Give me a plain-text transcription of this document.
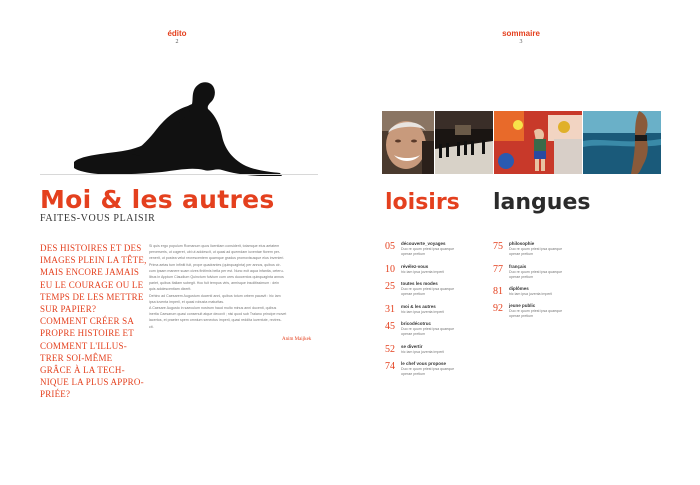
édito
2
Moi & les autres
FAITES-VOUS PLAISIR
DES HISTOIRES ET DES
IMAGES PLEIN LA TÊTE,
MAIS ENCORE JAMAIS
EU LE COURAGE OU LE
TEMPS DE LES METTRE
SUR PAPIER?
COMMENT CRÉER SA
PROPRE HISTOIRE ET
COMMENT L'ILLUS-
TRER SOI-MÊME
GRÂCE À LA TECH-
NIQUE LA PLUS APPRO-
PRIÉE?
Si quis ergo populum Romanum quos licentiam considerit, totamque eius aetatem
perverseris, ut cogeret, ubi ut adolescit, ut quasi ad quemdam iuventae florem per-
venerit, ut postea velut recrescentem quamque gradus promovisusque eius invenieri.
Prima aetas tum infiniti fuit, prope quadrantes (quinquaginta) per annos, quibus cir-
cum ipsam manere suam cives finitimis bella per est. Nunc ecit aqua infantia, ceteru-
libus in Appium Claudium Quinctum fulvium cum ures duocentos quinquaginta annos
pariet, quibus Italiam subegit. Hoc fuit tempus viris, armisque insolitissimum : dein
quis adolescentiam dixerit.
Dehinc ad Caesarem Augustum ducenti anni, quibus totum orbem pacavit : hic iam
ipsa iuventa imperii, et quasi robusta maturitas.
A Caesare Augusto in saeculum nostrum haud multo minus anni ducenti, quibus
inertia Caesarum quasi consenuit atque decoxit ; nisi quod sub Traiano principe movet
lacertos, et praeter spem omnium senectus imperii, quasi reddita iuventute, revires-
cit.
Anim Maijkek
sommaire
3
loisirs langues
05	découverte_voyages
Duo re quum priest ipsa quaeque operae pretium
10	révélez-vous
hic iam ipsa juventa imperii
25	toutes les modes
Duo re quum priest ipsa quaeque operae pretium
31	moi & les autres
hic iam ipsa juventa imperii
45	bricodécotruc
Duo re quum priest ipsa quaeque operae pretium
52	se divertir
hic iam ipsa juventa imperii
74	le chef vous propose
Duo re quum priest ipsa quaeque operae pretium
75	philosophie
Duo re quum priest ipsa quaeque operae pretium
77	français
Duo re quum priest ipsa quaeque operae pretium
81	diplômes
hic iam ipsa juventa imperii
92	jeune public
Duo re quum priest ipsa quaeque operae pretium
